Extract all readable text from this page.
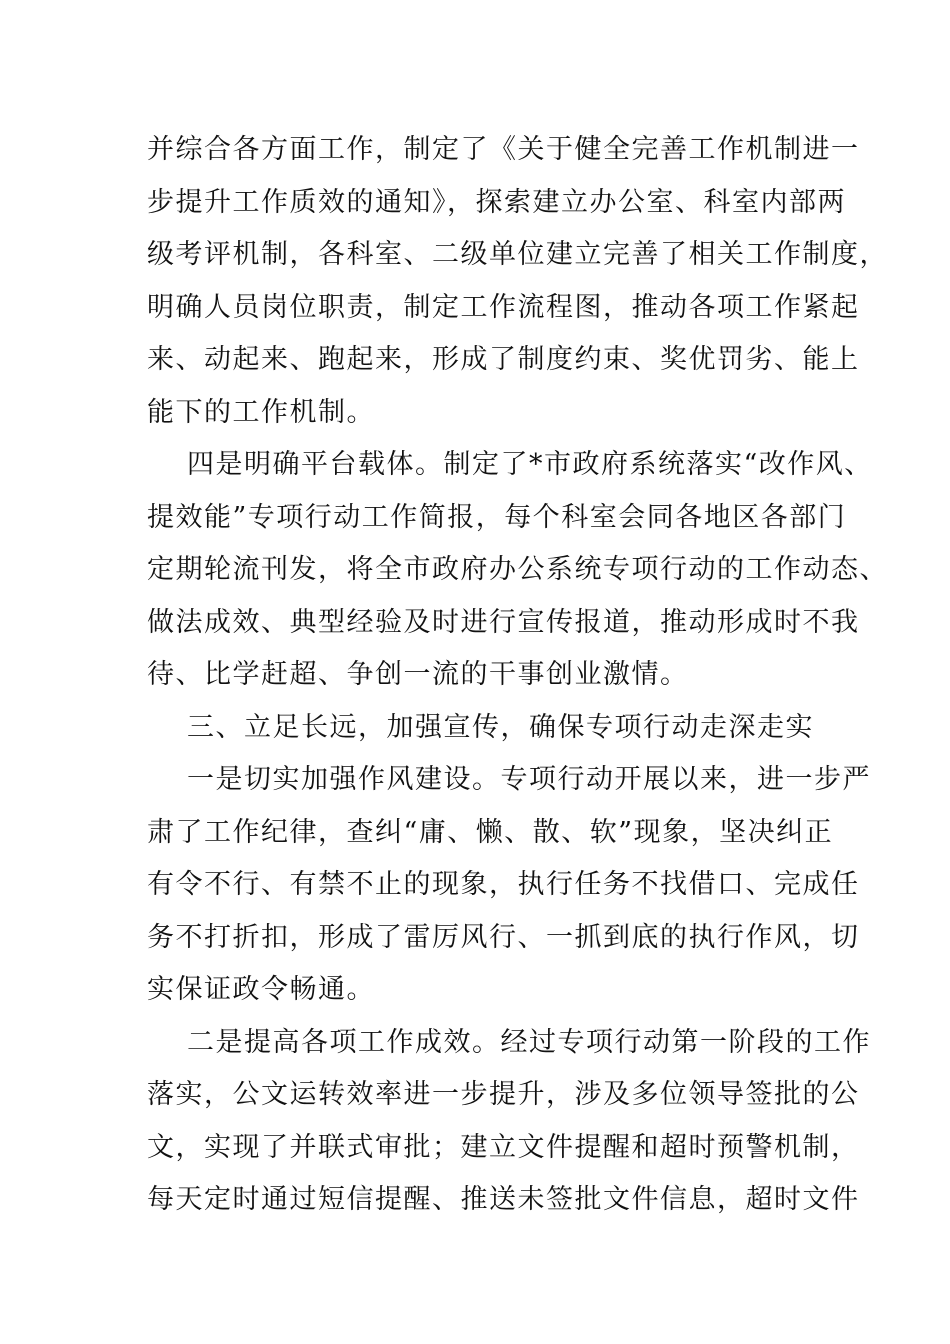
并综合各方面工作，制定了《关于健全完善工作机制进一
步提升工作质效的通知》，探索建立办公室、科室内部两
级考评机制，各科室、二级单位建立完善了相关工作制度，
明确人员岗位职责，制定工作流程图，推动各项工作紧起
来、动起来、跑起来，形成了制度约束、奖优罚劣、能上
能下的工作机制。
四是明确平台载体。制定了*市政府系统落实“改作风、
提效能”专项行动工作简报，每个科室会同各地区各部门
定期轮流刊发，将全市政府办公系统专项行动的工作动态、
做法成效、典型经验及时进行宣传报道，推动形成时不我
待、比学赶超、争创一流的干事创业激情。
三、立足长远，加强宣传，确保专项行动走深走实
一是切实加强作风建设。专项行动开展以来，进一步严
肃了工作纪律，查纠“庸、懒、散、软”现象，坚决纠正
有令不行、有禁不止的现象，执行任务不找借口、完成任
务不打折扣，形成了雷厉风行、一抓到底的执行作风，切
实保证政令畅通。
二是提高各项工作成效。经过专项行动第一阶段的工作
落实，公文运转效率进一步提升，涉及多位领导签批的公
文，实现了并联式审批；建立文件提醒和超时预警机制，
每天定时通过短信提醒、推送未签批文件信息，超时文件
